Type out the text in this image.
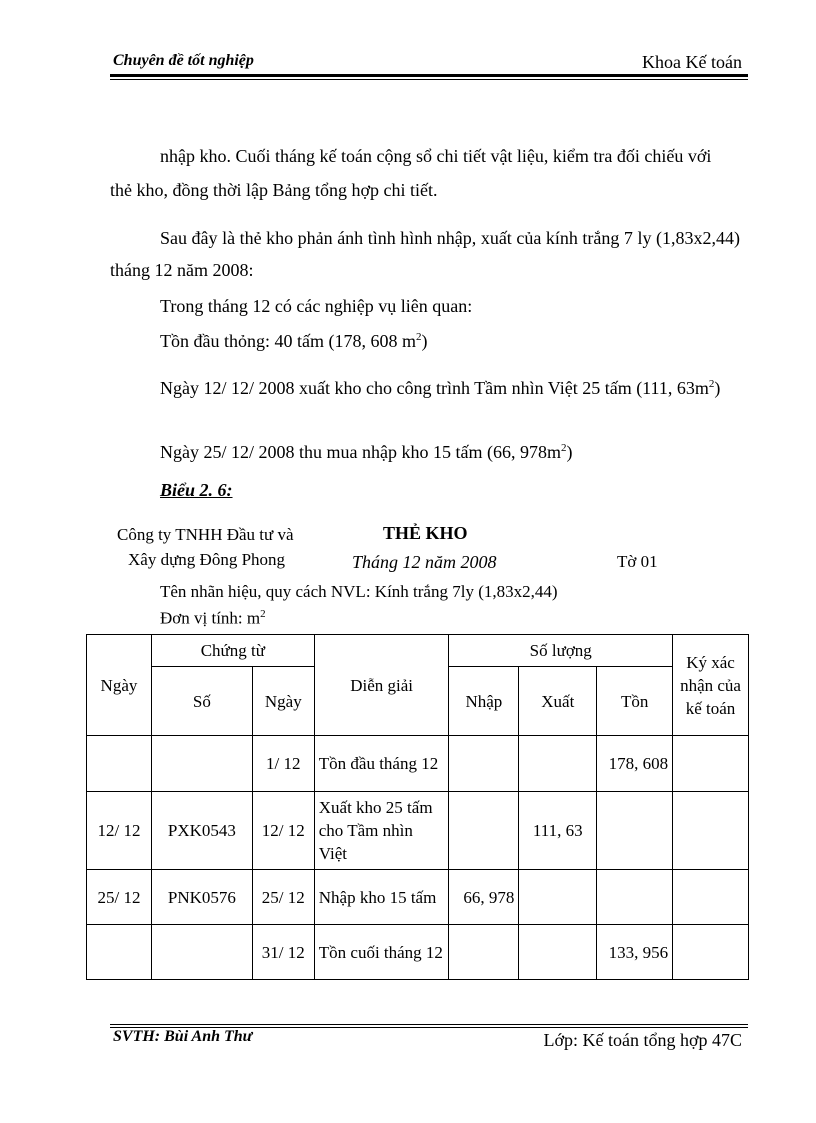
Chuyên đề tốt nghiệp	Khoa Kế toán
nhập kho. Cuối tháng kế toán cộng sổ chi tiết vật liệu, kiểm tra đối chiếu với
thẻ kho, đồng thời lập Bảng tổng hợp chi tiết.
Sau đây là thẻ kho phản ánh tình hình nhập, xuất của kính trắng 7 ly (1,83x2,44) tháng 12 năm 2008:
Trong tháng 12 có các nghiệp vụ liên quan:
Tồn đầu thỏng: 40 tấm (178, 608 $m^2$)
Ngày 12/ 12/ 2008 xuất kho cho công trình Tầm nhìn Việt 25 tấm (111, $63m^2$)
Ngày 25/ 12/ 2008 thu mua nhập kho 15 tấm (66, $978m^2$)
Biểu 2. 6:
Công ty TNHH Đầu tư và
Xây dựng Đông Phong
THẺ KHO
Tháng 12 năm 2008	Tờ 01
Tên nhãn hiệu, quy cách NVL: Kính trắng 7ly (1,83x2,44)
Đơn vị tính: $m^2$
Ngày	Chứng từ		Diễn giải	Số lượng			Ký xác nhận của kế toán
	Số	Ngày		Nhập	Xuất	Tồn	
		1/ 12	Tồn đầu tháng 12			178, 608	
12/ 12	PXK0543	12/ 12	Xuất kho 25 tấm cho Tầm nhìn Việt		111, 63		
25/ 12	PNK0576	25/ 12	Nhập kho 15 tấm	66, 978			
		31/ 12	Tồn cuối tháng 12			133, 956	
SVTH: Bùi Anh Thư	Lớp: Kế toán tổng hợp 47C
